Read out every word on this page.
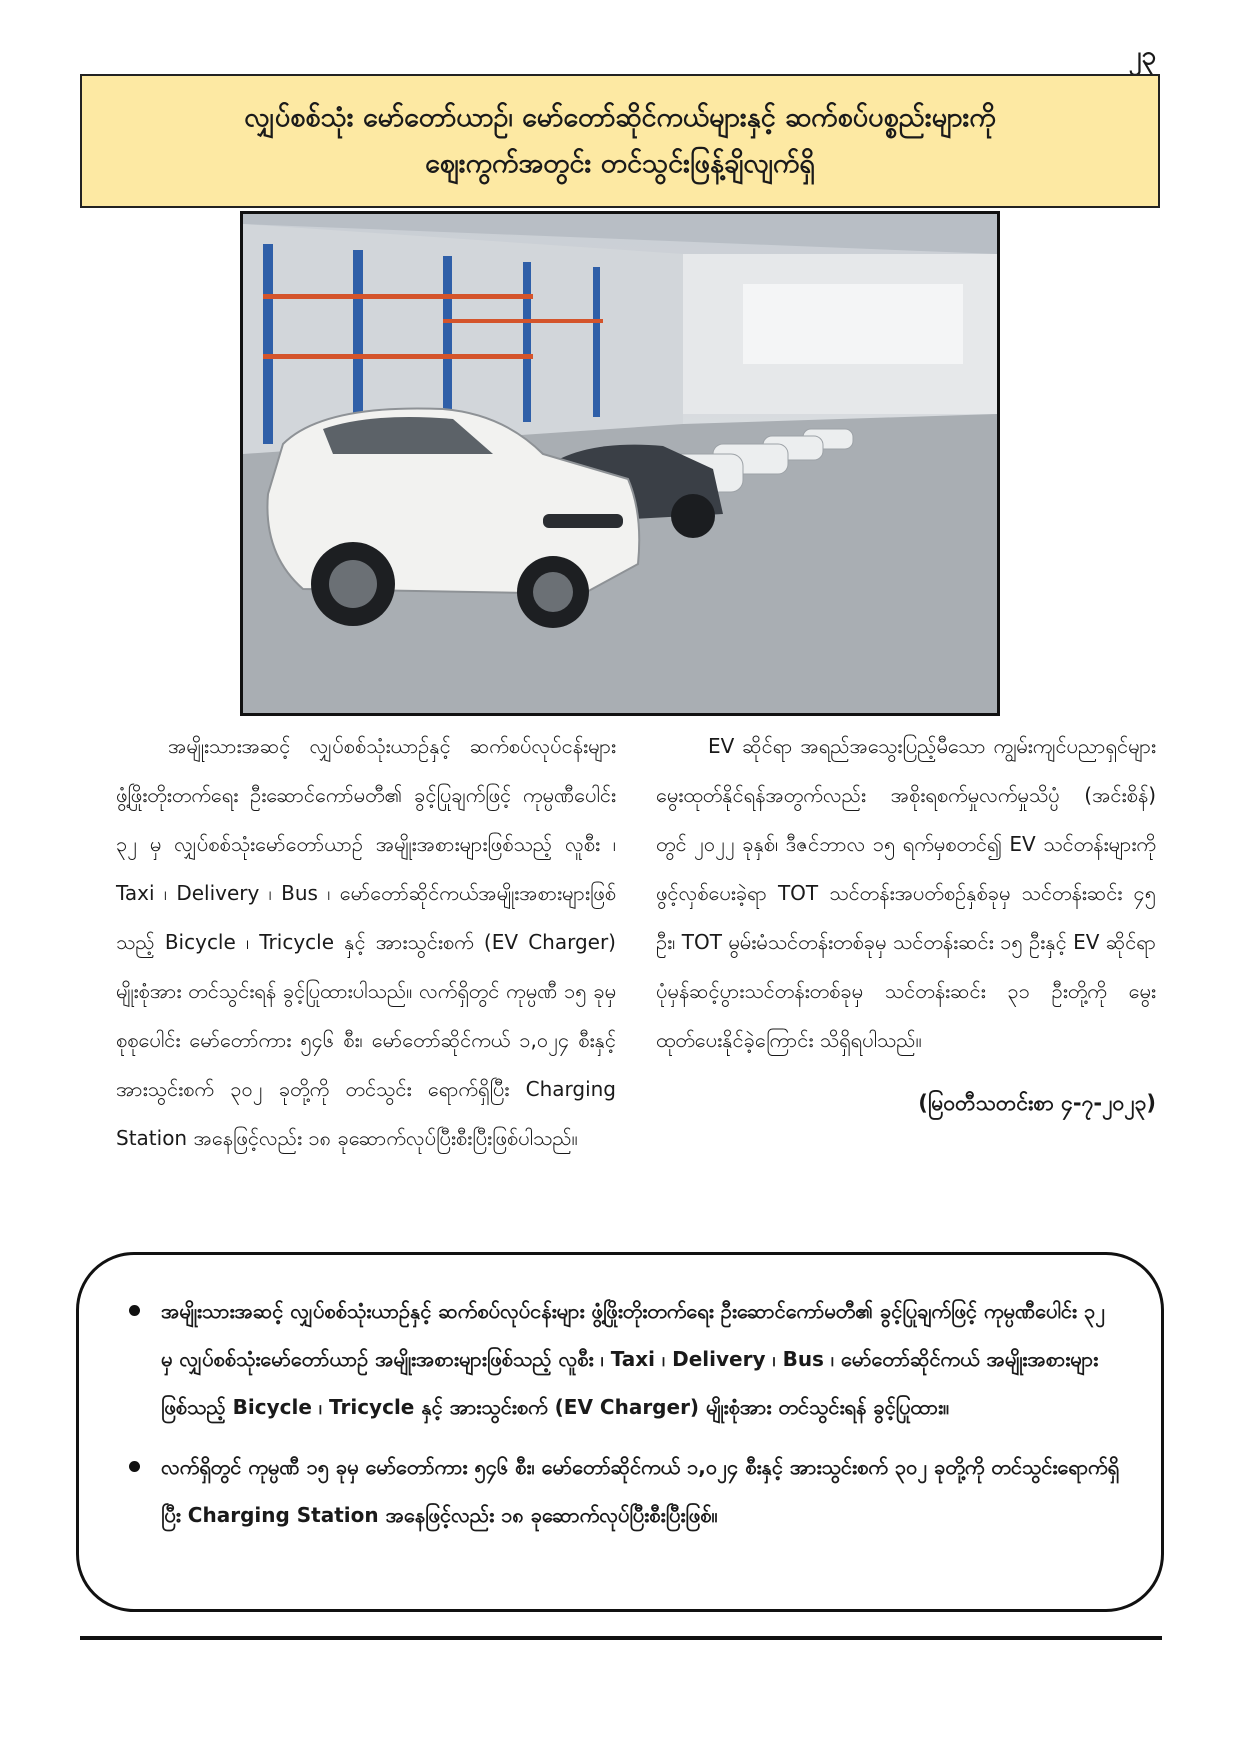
၂၃
လျှပ်စစ်သုံး မော်တော်ယာဉ်၊ မော်တော်ဆိုင်ကယ်များနှင့် ဆက်စပ်ပစ္စည်းများကို
ဈေးကွက်အတွင်း တင်သွင်းဖြန့်ချိလျက်ရှိ

အမျိုးသားအဆင့် လျှပ်စစ်သုံးယာဉ်နှင့် ဆက်စပ်လုပ်ငန်းများ ဖွံ့ဖြိုးတိုးတက်ရေး ဦးဆောင်ကော်မတီ၏ ခွင့်ပြုချက်ဖြင့် ကုမ္ပဏီပေါင်း ၃၂ မှ လျှပ်စစ်သုံးမော်တော်ယာဉ် အမျိုးအစားများဖြစ်သည့် လူစီး ၊ Taxi ၊ Delivery ၊ Bus ၊ မော်တော်ဆိုင်ကယ်အမျိုးအစားများဖြစ်သည့် Bicycle ၊ Tricycle နှင့် အားသွင်းစက် (EV Charger) မျိုးစုံအား တင်သွင်းရန် ခွင့်ပြုထားပါသည်။ လက်ရှိတွင် ကုမ္ပဏီ ၁၅ ခုမှ စုစုပေါင်း မော်တော်ကား ၅၄၆ စီး၊ မော်တော်ဆိုင်ကယ် ၁,၀၂၄ စီးနှင့် အားသွင်းစက် ၃၀၂ ခုတို့ကို တင်သွင်း ရောက်ရှိပြီး Charging Station အနေဖြင့်လည်း ၁၈ ခုဆောက်လုပ်ပြီးစီးပြီးဖြစ်ပါသည်။

EV ဆိုင်ရာ အရည်အသွေးပြည့်မီသော ကျွမ်းကျင်ပညာရှင်များ မွေးထုတ်နိုင်ရန်အတွက်လည်း အစိုးရစက်မှုလက်မှုသိပ္ပံ (အင်းစိန်) တွင် ၂၀၂၂ ခုနှစ်၊ ဒီဇင်ဘာလ ၁၅ ရက်မှစတင်၍ EV သင်တန်းများကို ဖွင့်လှစ်ပေးခဲ့ရာ TOT သင်တန်းအပတ်စဉ်နှစ်ခုမှ သင်တန်းဆင်း ၄၅ ဦး၊ TOT မွမ်းမံသင်တန်းတစ်ခုမှ သင်တန်းဆင်း ၁၅ ဦးနှင့် EV ဆိုင်ရာ ပုံမှန်ဆင့်ပွားသင်တန်းတစ်ခုမှ သင်တန်းဆင်း ၃၁ ဦးတို့ကို မွေးထုတ်ပေးနိုင်ခဲ့ကြောင်း သိရှိရပါသည်။

(မြဝတီသတင်းစာ ၄-၇-၂၀၂၃)
အမျိုးသားအဆင့် လျှပ်စစ်သုံးယာဉ်နှင့် ဆက်စပ်လုပ်ငန်းများ ဖွံ့ဖြိုးတိုးတက်ရေး ဦးဆောင်ကော်မတီ၏ ခွင့်ပြုချက်ဖြင့် ကုမ္ပဏီပေါင်း ၃၂ မှ လျှပ်စစ်သုံးမော်တော်ယာဉ် အမျိုးအစားများဖြစ်သည့် လူစီး ၊ Taxi ၊ Delivery ၊ Bus ၊ မော်တော်ဆိုင်ကယ် အမျိုးအစားများဖြစ်သည့် Bicycle ၊ Tricycle နှင့် အားသွင်းစက် (EV Charger) မျိုးစုံအား တင်သွင်းရန် ခွင့်ပြုထား။
လက်ရှိတွင် ကုမ္ပဏီ ၁၅ ခုမှ မော်တော်ကား ၅၄၆ စီး၊ မော်တော်ဆိုင်ကယ် ၁,၀၂၄ စီးနှင့် အားသွင်းစက် ၃၀၂ ခုတို့ကို တင်သွင်းရောက်ရှိပြီး Charging Station အနေဖြင့်လည်း ၁၈ ခုဆောက်လုပ်ပြီးစီးပြီးဖြစ်။
